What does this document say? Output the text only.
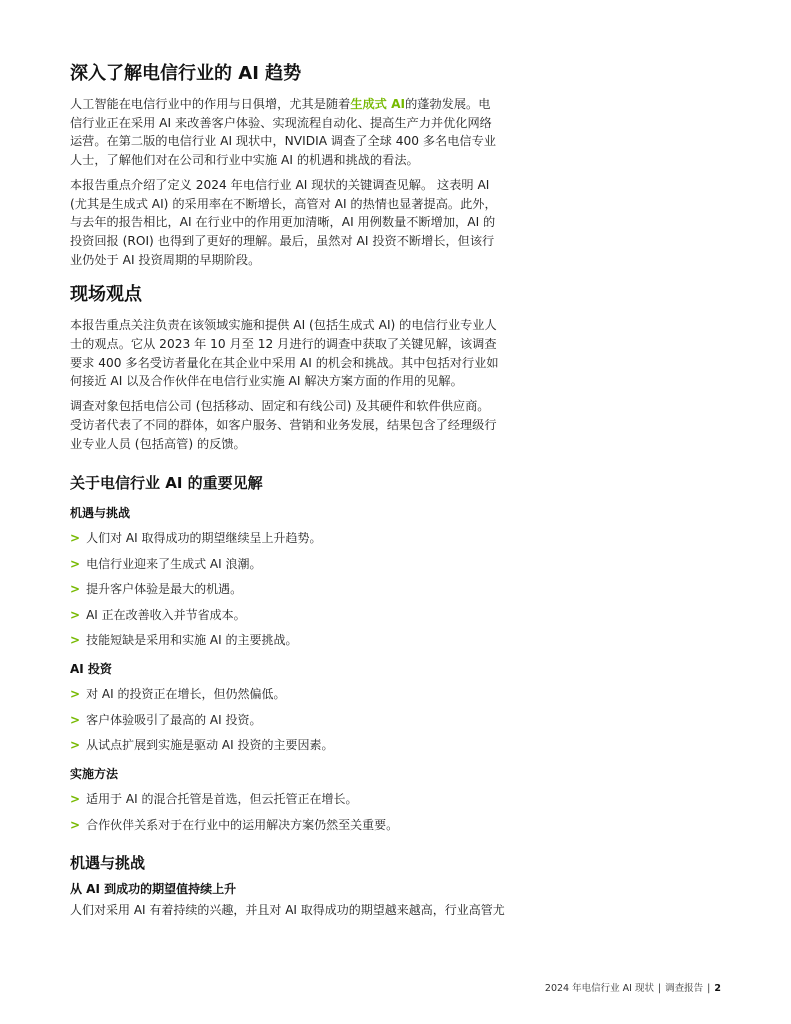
深入了解电信行业的 AI 趋势

人工智能在电信行业中的作用与日俱增，尤其是随着生成式 AI的蓬勃发展。电信行业正在采用 AI 来改善客户体验、实现流程自动化、提高生产力并优化网络运营。在第二版的电信行业 AI 现状中，NVIDIA 调查了全球 400 多名电信专业人士，了解他们对在公司和行业中实施 AI 的机遇和挑战的看法。

本报告重点介绍了定义 2024 年电信行业 AI 现状的关键调查见解。 这表明 AI (尤其是生成式 AI) 的采用率在不断增长，高管对 AI 的热情也显著提高。此外，与去年的报告相比，AI 在行业中的作用更加清晰，AI 用例数量不断增加，AI 的投资回报 (ROI) 也得到了更好的理解。最后，虽然对 AI 投资不断增长，但该行业仍处于 AI 投资周期的早期阶段。

现场观点

本报告重点关注负责在该领域实施和提供 AI (包括生成式 AI) 的电信行业专业人士的观点。它从 2023 年 10 月至 12 月进行的调查中获取了关键见解，该调查要求 400 多名受访者量化在其企业中采用 AI 的机会和挑战。其中包括对行业如何接近 AI 以及合作伙伴在电信行业实施 AI 解决方案方面的作用的见解。

调查对象包括电信公司 (包括移动、固定和有线公司) 及其硬件和软件供应商。受访者代表了不同的群体，如客户服务、营销和业务发展，结果包含了经理级行业专业人员 (包括高管) 的反馈。

关于电信行业 AI 的重要见解
机遇与挑战
> 人们对 AI 取得成功的期望继续呈上升趋势。
> 电信行业迎来了生成式 AI 浪潮。
> 提升客户体验是最大的机遇。
> AI 正在改善收入并节省成本。
> 技能短缺是采用和实施 AI 的主要挑战。
AI 投资
> 对 AI 的投资正在增长，但仍然偏低。
> 客户体验吸引了最高的 AI 投资。
> 从试点扩展到实施是驱动 AI 投资的主要因素。
实施方法
> 适用于 AI 的混合托管是首选，但云托管正在增长。
> 合作伙伴关系对于在行业中的运用解决方案仍然至关重要。
机遇与挑战
从 AI 到成功的期望值持续上升
人们对采用 AI 有着持续的兴趣，并且对 AI 取得成功的期望越来越高，行业高管尤
2024 年电信行业 AI 现状 | 调查报告 | 2
